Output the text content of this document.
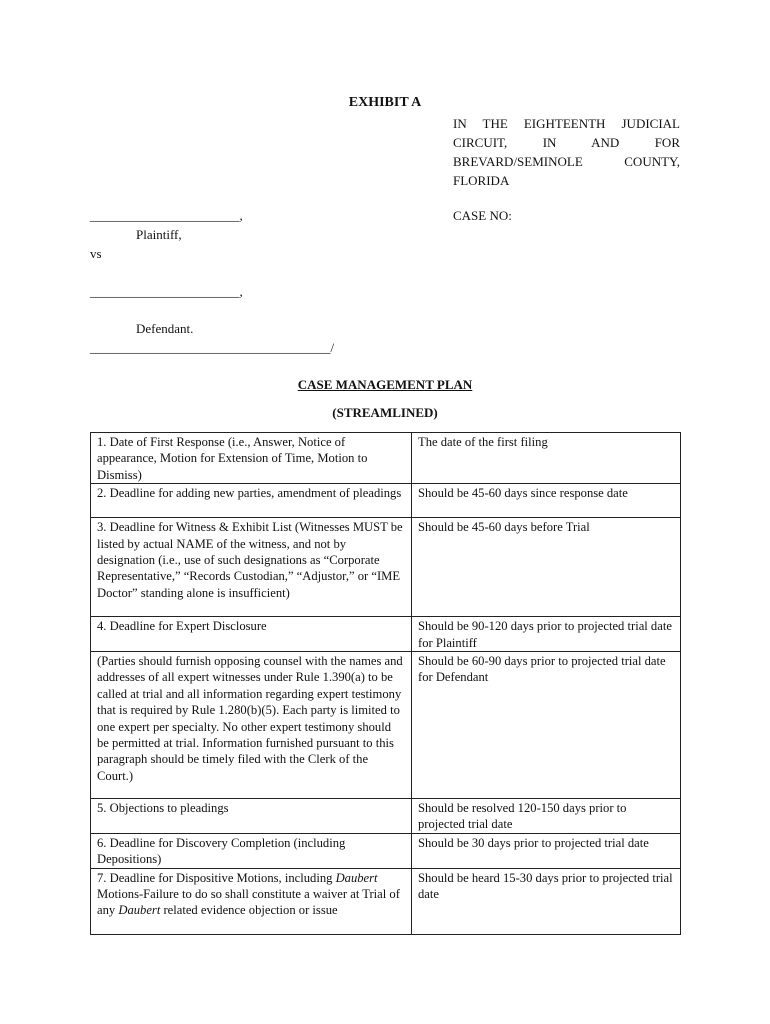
EXHIBIT A
IN THE EIGHTEENTH JUDICIAL
CIRCUIT, IN AND FOR
BREVARD/SEMINOLE COUNTY,
FLORIDA
CASE NO:
_______________________,
Plaintiff,
vs
_______________________,
Defendant.
_____________________________________/
CASE MANAGEMENT PLAN
(STREAMLINED)
1. Date of First Response (i.e., Answer, Notice of appearance, Motion for Extension of Time, Motion to Dismiss)	The date of the first filing
2. Deadline for adding new parties, amendment of pleadings	Should be 45-60 days since response date
3. Deadline for Witness & Exhibit List (Witnesses MUST be listed by actual NAME of the witness, and not by designation (i.e., use of such designations as “Corporate Representative,” “Records Custodian,” “Adjustor,” or “IME Doctor” standing alone is insufficient)	Should be 45-60 days before Trial
4. Deadline for Expert Disclosure	Should be 90-120 days prior to projected trial date for Plaintiff
(Parties should furnish opposing counsel with the names and addresses of all expert witnesses under Rule 1.390(a) to be called at trial and all information regarding expert testimony that is required by Rule 1.280(b)(5). Each party is limited to one expert per specialty. No other expert testimony should be permitted at trial. Information furnished pursuant to this paragraph should be timely filed with the Clerk of the Court.)	Should be 60-90 days prior to projected trial date for Defendant
5. Objections to pleadings	Should be resolved 120-150 days prior to projected trial date
6. Deadline for Discovery Completion (including Depositions)	Should be 30 days prior to projected trial date
7. Deadline for Dispositive Motions, including Daubert Motions-Failure to do so shall constitute a waiver at Trial of any Daubert related evidence objection or issue	Should be heard 15-30 days prior to projected trial date
